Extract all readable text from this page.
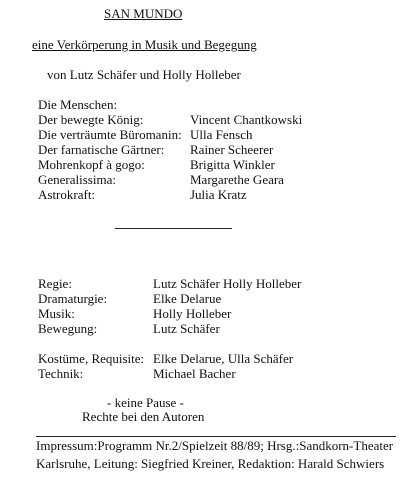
SAN MUNDO
eine Verkörperung in Musik und Begegung
von Lutz Schäfer und Holly Holleber
Die Menschen:
Der bewegte König:	Vincent Chantkowski
Die verträumte Büromanin: Ulla Fensch
Der farnatische Gärtner: Rainer Scheerer
Mohrenkopf à gogo:	Brigitta Winkler
Generalissima:	Margarethe Geara
Astrokraft:	Julia Kratz
Regie:	Lutz Schäfer Holly Holleber
Dramaturgie:	Elke Delarue
Musik:	Holly Holleber
Bewegung:	Lutz Schäfer
Kostüme, Requisite: Elke Delarue, Ulla Schäfer
Technik:	Michael Bacher
- keine Pause -
Rechte bei den Autoren
Impressum:Programm Nr.2/Spielzeit 88/89; Hrsg.:Sandkorn-Theater
Karlsruhe, Leitung: Siegfried Kreiner, Redaktion: Harald Schwiers
